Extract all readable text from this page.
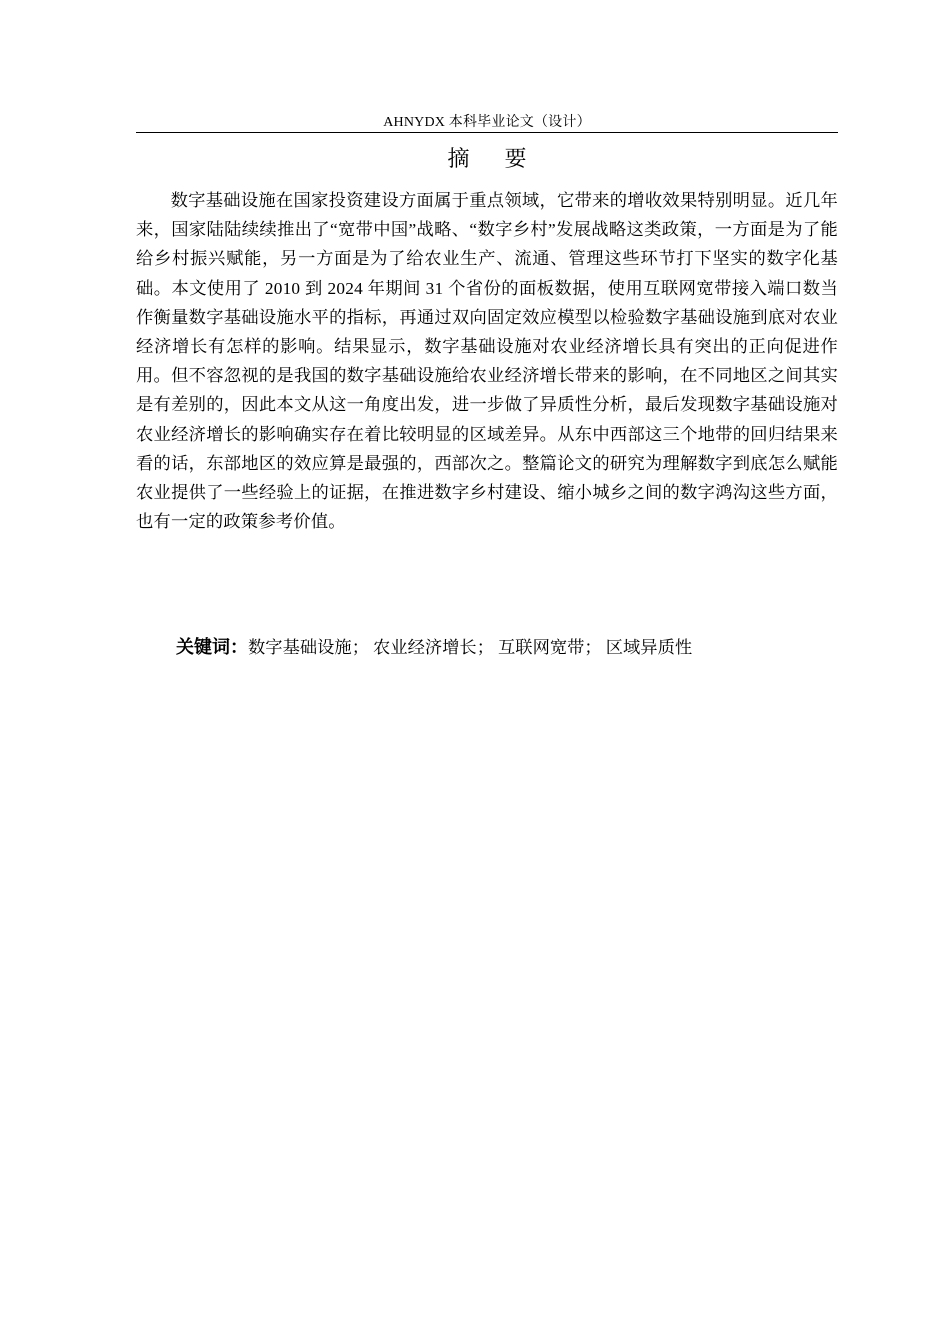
AHNYDX 本科毕业论文（设计）
摘 要

数字基础设施在国家投资建设方面属于重点领域，它带来的增收效果特别明显。近几年来，国家陆陆续续推出了“宽带中国”战略、“数字乡村”发展战略这类政策，一方面是为了能给乡村振兴赋能，另一方面是为了给农业生产、流通、管理这些环节打下坚实的数字化基础。本文使用了 2010 到 2024 年期间 31 个省份的面板数据，使用互联网宽带接入端口数当作衡量数字基础设施水平的指标，再通过双向固定效应模型以检验数字基础设施到底对农业经济增长有怎样的影响。结果显示，数字基础设施对农业经济增长具有突出的正向促进作用。但不容忽视的是我国的数字基础设施给农业经济增长带来的影响，在不同地区之间其实是有差别的，因此本文从这一角度出发，进一步做了异质性分析，最后发现数字基础设施对农业经济增长的影响确实存在着比较明显的区域差异。从东中西部这三个地带的回归结果来看的话，东部地区的效应算是最强的，西部次之。整篇论文的研究为理解数字到底怎么赋能农业提供了一些经验上的证据，在推进数字乡村建设、缩小城乡之间的数字鸿沟这些方面，也有一定的政策参考价值。

关键词：数字基础设施； 农业经济增长； 互联网宽带； 区域异质性
